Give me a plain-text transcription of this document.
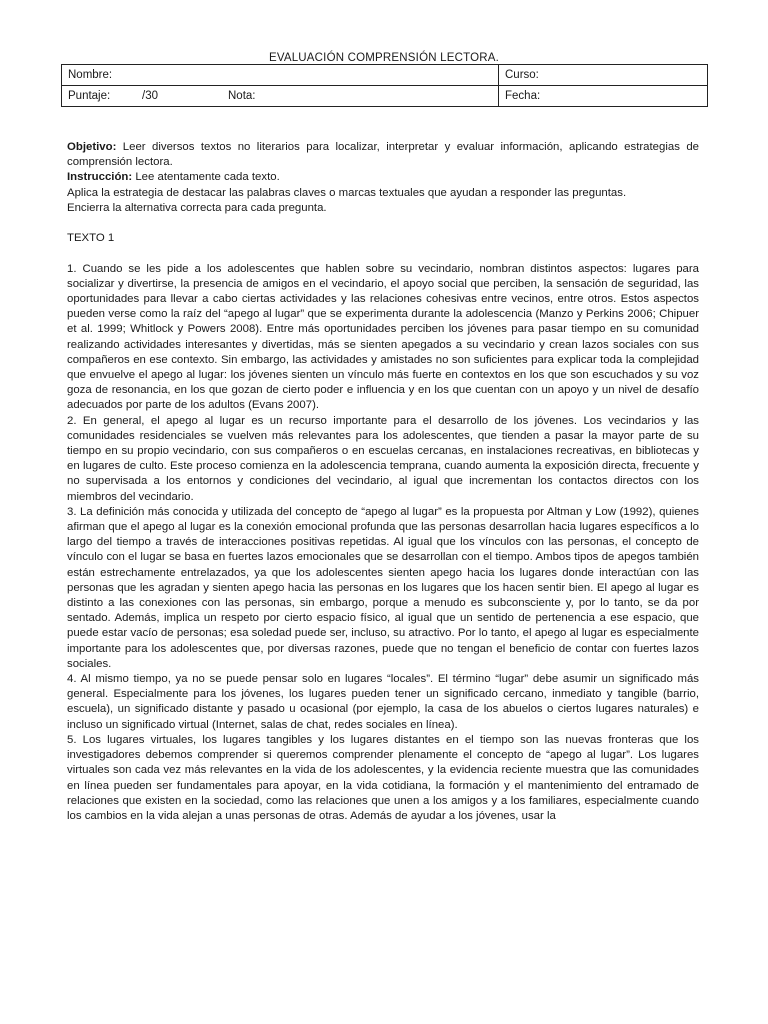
EVALUACIÓN COMPRENSIÓN LECTORA.
Nombre:	Curso:
Puntaje: /30 Nota:	Fecha:

Objetivo: Leer diversos textos no literarios para localizar, interpretar y evaluar información, aplicando estrategias de comprensión lectora.

Instrucción: Lee atentamente cada texto.

Aplica la estrategia de destacar las palabras claves o marcas textuales que ayudan a responder las preguntas.

Encierra la alternativa correcta para cada pregunta.

TEXTO 1

1. Cuando se les pide a los adolescentes que hablen sobre su vecindario, nombran distintos aspectos: lugares para socializar y divertirse, la presencia de amigos en el vecindario, el apoyo social que perciben, la sensación de seguridad, las oportunidades para llevar a cabo ciertas actividades y las relaciones cohesivas entre vecinos, entre otros. Estos aspectos pueden verse como la raíz del “apego al lugar” que se experimenta durante la adolescencia (Manzo y Perkins 2006; Chipuer et al. 1999; Whitlock y Powers 2008). Entre más oportunidades perciben los jóvenes para pasar tiempo en su comunidad realizando actividades interesantes y divertidas, más se sienten apegados a su vecindario y crean lazos sociales con sus compañeros en ese contexto. Sin embargo, las actividades y amistades no son suficientes para explicar toda la complejidad que envuelve el apego al lugar: los jóvenes sienten un vínculo más fuerte en contextos en los que son escuchados y su voz goza de resonancia, en los que gozan de cierto poder e influencia y en los que cuentan con un apoyo y un nivel de desafío adecuados por parte de los adultos (Evans 2007).

2. En general, el apego al lugar es un recurso importante para el desarrollo de los jóvenes. Los vecindarios y las comunidades residenciales se vuelven más relevantes para los adolescentes, que tienden a pasar la mayor parte de su tiempo en su propio vecindario, con sus compañeros o en escuelas cercanas, en instalaciones recreativas, en bibliotecas y en lugares de culto. Este proceso comienza en la adolescencia temprana, cuando aumenta la exposición directa, frecuente y no supervisada a los entornos y condiciones del vecindario, al igual que incrementan los contactos directos con los miembros del vecindario.

3. La definición más conocida y utilizada del concepto de “apego al lugar” es la propuesta por Altman y Low (1992), quienes afirman que el apego al lugar es la conexión emocional profunda que las personas desarrollan hacia lugares específicos a lo largo del tiempo a través de interacciones positivas repetidas. Al igual que los vínculos con las personas, el concepto de vínculo con el lugar se basa en fuertes lazos emocionales que se desarrollan con el tiempo. Ambos tipos de apegos también están estrechamente entrelazados, ya que los adolescentes sienten apego hacia los lugares donde interactúan con las personas que les agradan y sienten apego hacia las personas en los lugares que los hacen sentir bien. El apego al lugar es distinto a las conexiones con las personas, sin embargo, porque a menudo es subconsciente y, por lo tanto, se da por sentado. Además, implica un respeto por cierto espacio físico, al igual que un sentido de pertenencia a ese espacio, que puede estar vacío de personas; esa soledad puede ser, incluso, su atractivo. Por lo tanto, el apego al lugar es especialmente importante para los adolescentes que, por diversas razones, puede que no tengan el beneficio de contar con fuertes lazos sociales.

4. Al mismo tiempo, ya no se puede pensar solo en lugares “locales”. El término “lugar” debe asumir un significado más general. Especialmente para los jóvenes, los lugares pueden tener un significado cercano, inmediato y tangible (barrio, escuela), un significado distante y pasado u ocasional (por ejemplo, la casa de los abuelos o ciertos lugares naturales) e incluso un significado virtual (Internet, salas de chat, redes sociales en línea).

5. Los lugares virtuales, los lugares tangibles y los lugares distantes en el tiempo son las nuevas fronteras que los investigadores debemos comprender si queremos comprender plenamente el concepto de “apego al lugar”. Los lugares virtuales son cada vez más relevantes en la vida de los adolescentes, y la evidencia reciente muestra que las comunidades en línea pueden ser fundamentales para apoyar, en la vida cotidiana, la formación y el mantenimiento del entramado de relaciones que existen en la sociedad, como las relaciones que unen a los amigos y a los familiares, especialmente cuando los cambios en la vida alejan a unas personas de otras. Además de ayudar a los jóvenes, usar la
